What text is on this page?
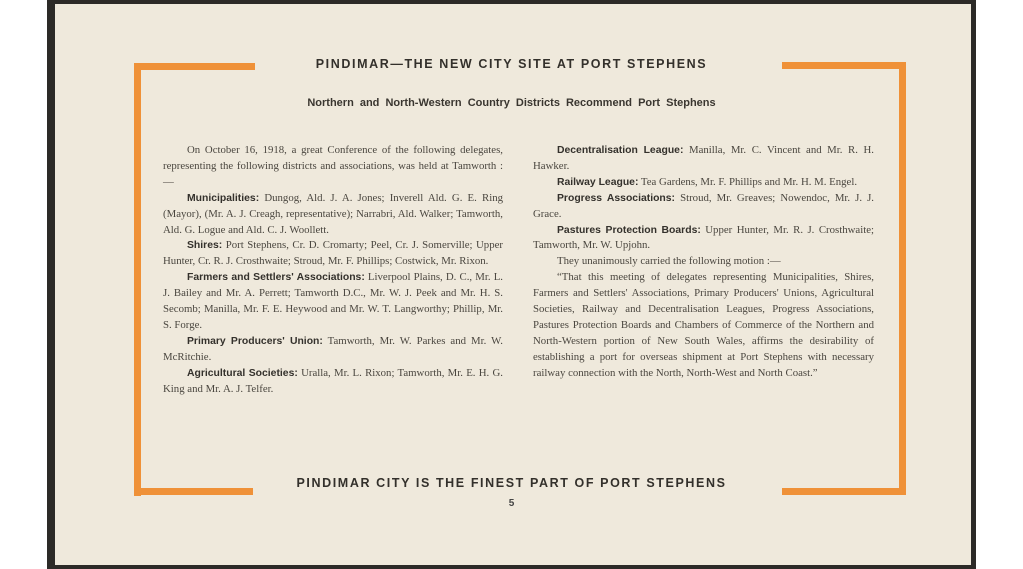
PINDIMAR—THE NEW CITY SITE AT PORT STEPHENS
Northern and North-Western Country Districts Recommend Port Stephens

On October 16, 1918, a great Conference of the following delegates, representing the following districts and associations, was held at Tamworth :—

Municipalities: Dungog, Ald. J. A. Jones; Inverell Ald. G. E. Ring (Mayor), (Mr. A. J. Creagh, representative); Narrabri, Ald. Walker; Tamworth, Ald. G. Logue and Ald. C. J. Woollett.

Shires: Port Stephens, Cr. D. Cromarty; Peel, Cr. J. Somerville; Upper Hunter, Cr. R. J. Crosthwaite; Stroud, Mr. F. Phillips; Costwick, Mr. Rixon.

Farmers and Settlers' Associations: Liverpool Plains, D. C., Mr. L. J. Bailey and Mr. A. Perrett; Tamworth D.C., Mr. W. J. Peek and Mr. H. S. Secomb; Manilla, Mr. F. E. Heywood and Mr. W. T. Langworthy; Phillip, Mr. S. Forge.

Primary Producers' Union: Tamworth, Mr. W. Parkes and Mr. W. McRitchie.

Agricultural Societies: Uralla, Mr. L. Rixon; Tamworth, Mr. E. H. G. King and Mr. A. J. Telfer.

Decentralisation League: Manilla, Mr. C. Vincent and Mr. R. H. Hawker.

Railway League: Tea Gardens, Mr. F. Phillips and Mr. H. M. Engel.

Progress Associations: Stroud, Mr. Greaves; Nowendoc, Mr. J. J. Grace.

Pastures Protection Boards: Upper Hunter, Mr. R. J. Crosthwaite; Tamworth, Mr. W. Upjohn.

They unanimously carried the following motion :—

“That this meeting of delegates representing Municipalities, Shires, Farmers and Settlers' Associations, Primary Producers' Unions, Agricultural Societies, Railway and Decentralisation Leagues, Progress Associations, Pastures Protection Boards and Chambers of Commerce of the Northern and North-Western portion of New South Wales, affirms the desirability of establishing a port for overseas shipment at Port Stephens with necessary railway connection with the North, North-West and North Coast.”

PINDIMAR CITY IS THE FINEST PART OF PORT STEPHENS
5
